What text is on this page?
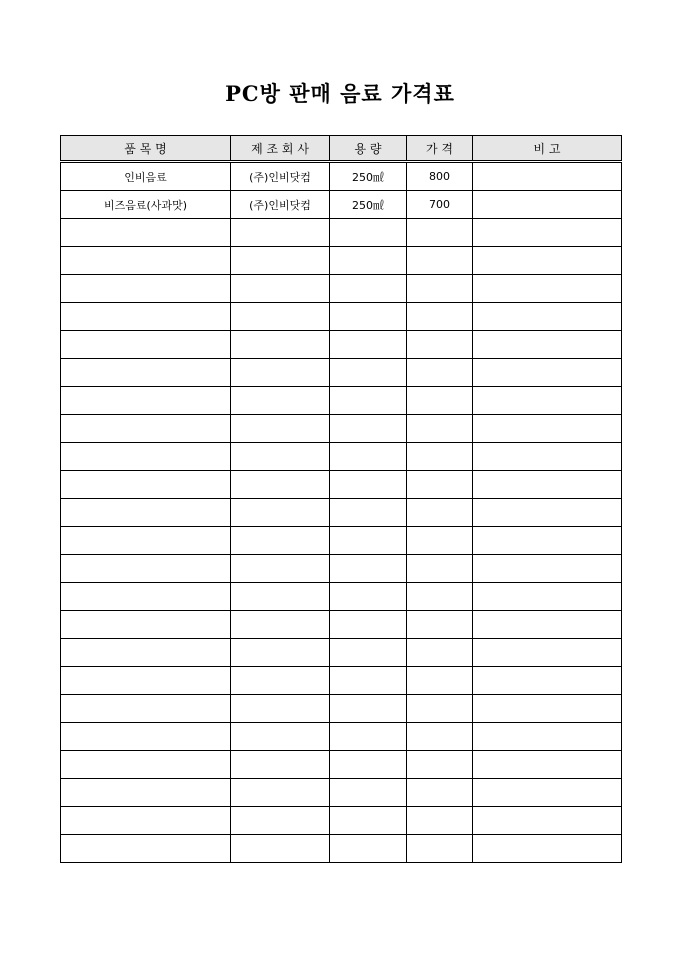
PC방 판매 음료 가격표
품 목 명	제 조 회 사	용 량	가 격	비 고
인비음료	(주)인비닷컴	250㎖	800	
비즈음료(사과맛)	(주)인비닷컴	250㎖	700	
